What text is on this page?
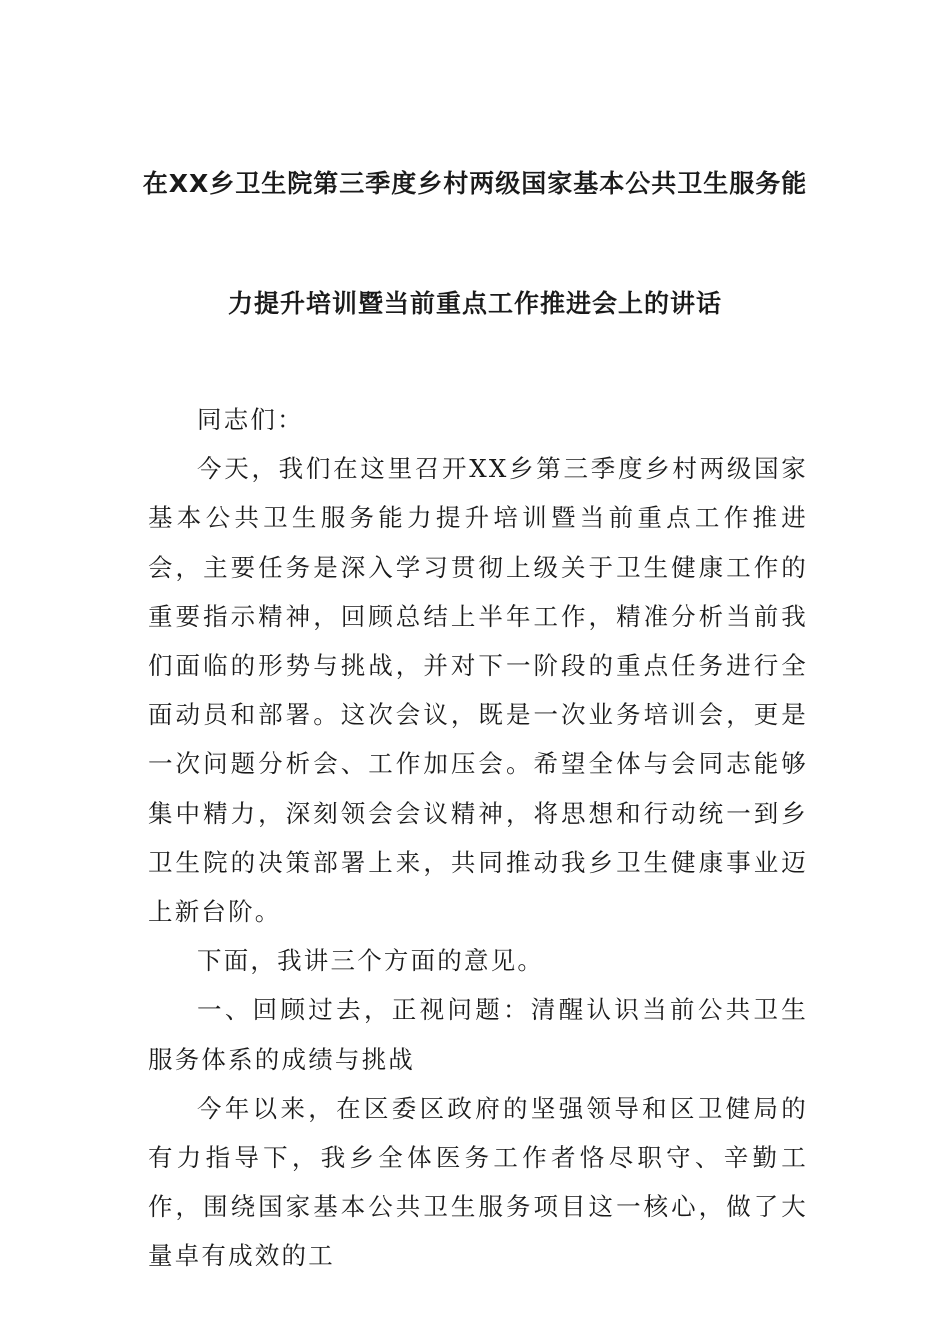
在XX乡卫生院第三季度乡村两级国家基本公共卫生服务能
力提升培训暨当前重点工作推进会上的讲话

同志们：

今天，我们在这里召开XX乡第三季度乡村两级国家基本公共卫生服务能力提升培训暨当前重点工作推进会，主要任务是深入学习贯彻上级关于卫生健康工作的重要指示精神，回顾总结上半年工作，精准分析当前我们面临的形势与挑战，并对下一阶段的重点任务进行全面动员和部署。这次会议，既是一次业务培训会，更是一次问题分析会、工作加压会。希望全体与会同志能够集中精力，深刻领会会议精神，将思想和行动统一到乡卫生院的决策部署上来，共同推动我乡卫生健康事业迈上新台阶。

下面，我讲三个方面的意见。

一、回顾过去，正视问题：清醒认识当前公共卫生服务体系的成绩与挑战

今年以来，在区委区政府的坚强领导和区卫健局的有力指导下，我乡全体医务工作者恪尽职守、辛勤工作，围绕国家基本公共卫生服务项目这一核心，做了大量卓有成效的工
